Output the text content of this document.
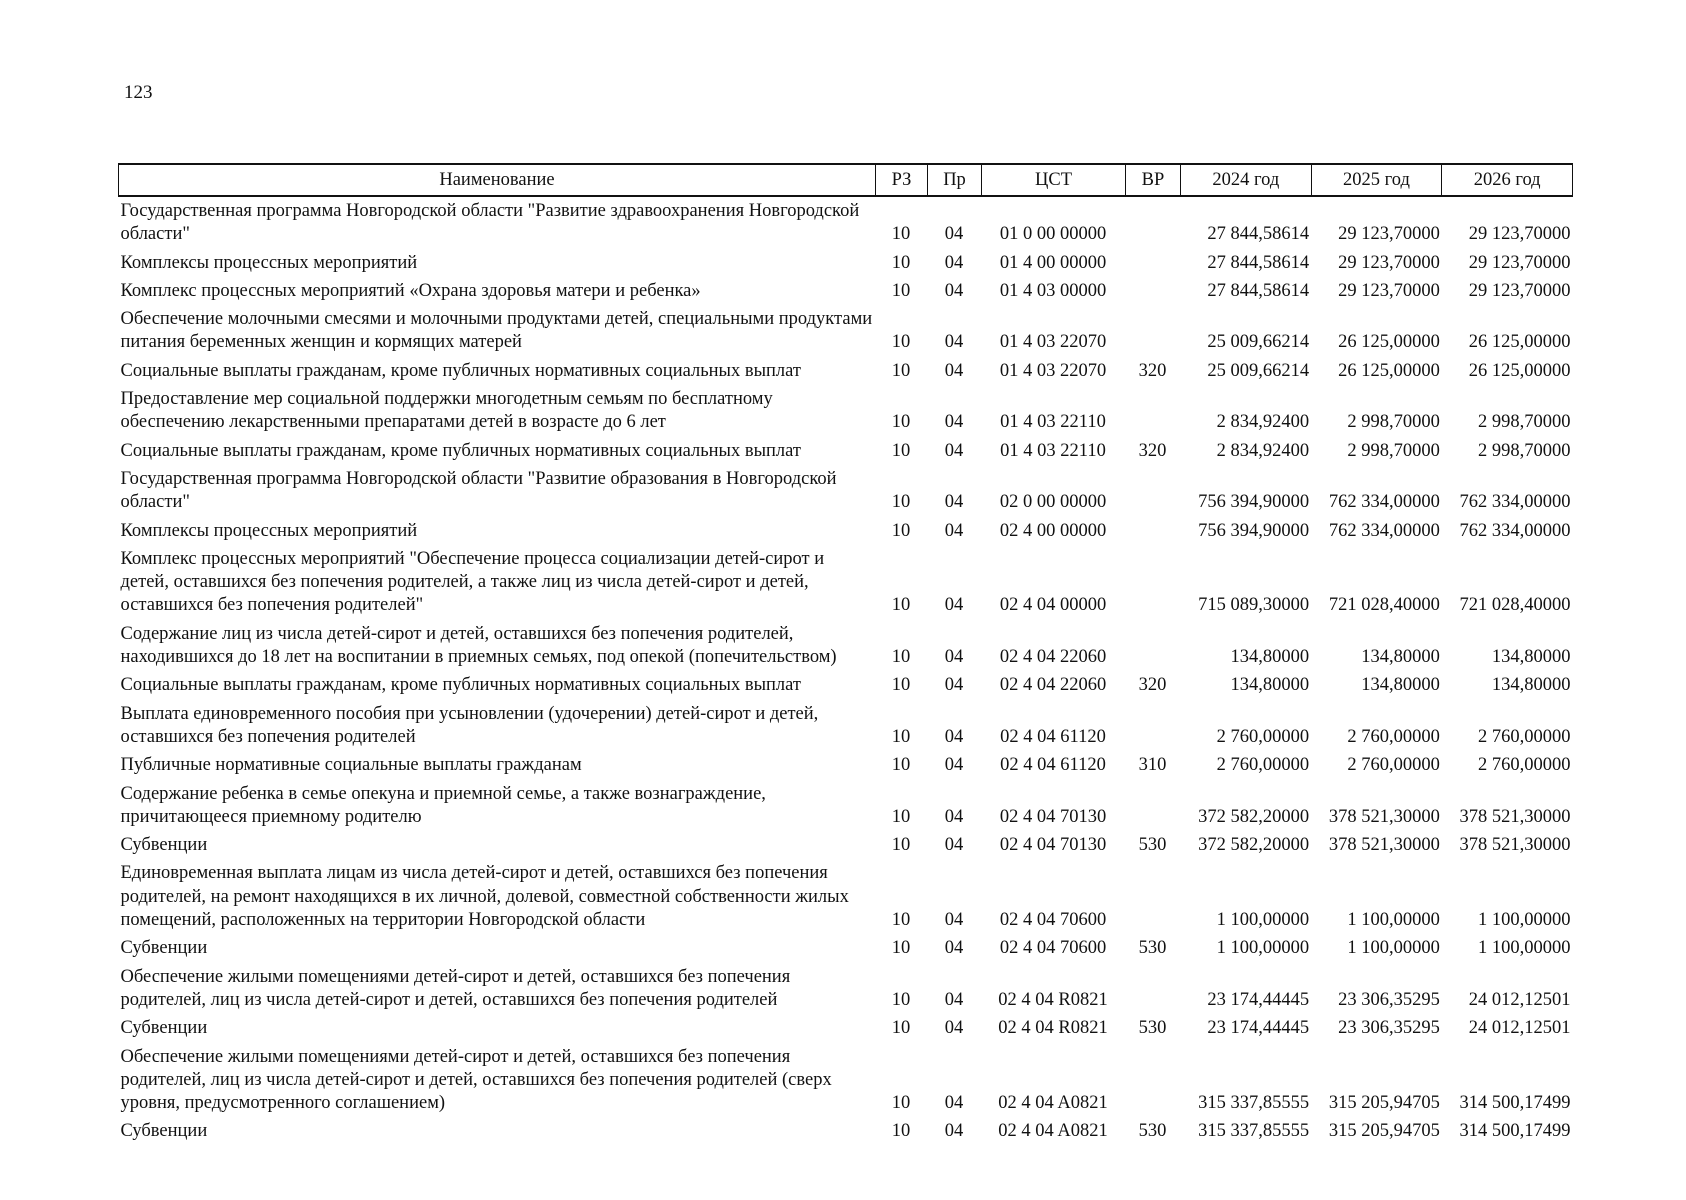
123
Наименование	РЗ	Пр	ЦСТ	ВР	2024 год	2025 год	2026 год
Государственная программа Новгородской области "Развитие здравоохранения Новгородской области"	10	04	01 0 00 00000		27 844,58614	29 123,70000	29 123,70000
Комплексы процессных мероприятий	10	04	01 4 00 00000		27 844,58614	29 123,70000	29 123,70000
Комплекс процессных мероприятий «Охрана здоровья матери и ребенка»	10	04	01 4 03 00000		27 844,58614	29 123,70000	29 123,70000
Обеспечение молочными смесями и молочными продуктами детей, специальными продуктами питания беременных женщин и кормящих матерей	10	04	01 4 03 22070		25 009,66214	26 125,00000	26 125,00000
Социальные выплаты гражданам, кроме публичных нормативных социальных выплат	10	04	01 4 03 22070	320	25 009,66214	26 125,00000	26 125,00000
Предоставление мер социальной поддержки многодетным семьям по бесплатному обеспечению лекарственными препаратами детей в возрасте до 6 лет	10	04	01 4 03 22110		2 834,92400	2 998,70000	2 998,70000
Социальные выплаты гражданам, кроме публичных нормативных социальных выплат	10	04	01 4 03 22110	320	2 834,92400	2 998,70000	2 998,70000
Государственная программа Новгородской области "Развитие образования в Новгородской области"	10	04	02 0 00 00000		756 394,90000	762 334,00000	762 334,00000
Комплексы процессных мероприятий	10	04	02 4 00 00000		756 394,90000	762 334,00000	762 334,00000
Комплекс процессных мероприятий "Обеспечение процесса социализации детей-сирот и детей, оставшихся без попечения родителей, а также лиц из числа детей-сирот и детей, оставшихся без попечения родителей"	10	04	02 4 04 00000		715 089,30000	721 028,40000	721 028,40000
Содержание лиц из числа детей-сирот и детей, оставшихся без попечения родителей, находившихся до 18 лет на воспитании в приемных семьях, под опекой (попечительством)	10	04	02 4 04 22060		134,80000	134,80000	134,80000
Социальные выплаты гражданам, кроме публичных нормативных социальных выплат	10	04	02 4 04 22060	320	134,80000	134,80000	134,80000
Выплата единовременного пособия при усыновлении (удочерении) детей-сирот и детей, оставшихся без попечения родителей	10	04	02 4 04 61120		2 760,00000	2 760,00000	2 760,00000
Публичные нормативные социальные выплаты гражданам	10	04	02 4 04 61120	310	2 760,00000	2 760,00000	2 760,00000
Содержание ребенка в семье опекуна и приемной семье, а также вознаграждение, причитающееся приемному родителю	10	04	02 4 04 70130		372 582,20000	378 521,30000	378 521,30000
Субвенции	10	04	02 4 04 70130	530	372 582,20000	378 521,30000	378 521,30000
Единовременная выплата лицам из числа детей-сирот и детей, оставшихся без попечения родителей, на ремонт находящихся в их личной, долевой, совместной собственности жилых помещений, расположенных на территории Новгородской области	10	04	02 4 04 70600		1 100,00000	1 100,00000	1 100,00000
Субвенции	10	04	02 4 04 70600	530	1 100,00000	1 100,00000	1 100,00000
Обеспечение жилыми помещениями детей-сирот и детей, оставшихся без попечения родителей, лиц из числа детей-сирот и детей, оставшихся без попечения родителей	10	04	02 4 04 R0821		23 174,44445	23 306,35295	24 012,12501
Субвенции	10	04	02 4 04 R0821	530	23 174,44445	23 306,35295	24 012,12501
Обеспечение жилыми помещениями детей-сирот и детей, оставшихся без попечения родителей, лиц из числа детей-сирот и детей, оставшихся без попечения родителей (сверх уровня, предусмотренного соглашением)	10	04	02 4 04 A0821		315 337,85555	315 205,94705	314 500,17499
Субвенции	10	04	02 4 04 A0821	530	315 337,85555	315 205,94705	314 500,17499
